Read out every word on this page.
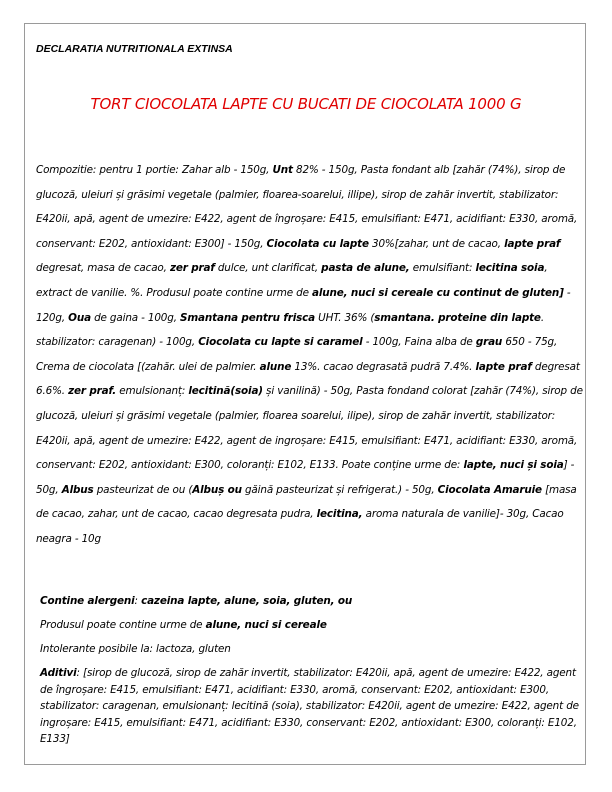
DECLARATIA NUTRITIONALA EXTINSA
TORT CIOCOLATA LAPTE CU BUCATI DE CIOCOLATA 1000 G
Compozitie: pentru 1 portie: Zahar alb - 150g, Unt 82% - 150g, Pasta fondant alb [zahăr (74%), sirop de glucoză, uleiuri și grăsimi vegetale (palmier, floarea-soarelui, illipe), sirop de zahăr invertit, stabilizator: E420ii, apă, agent de umezire: E422, agent de îngroșare: E415, emulsifiant: E471, acidifiant: E330, aromă, conservant: E202, antioxidant: E300] - 150g, Ciocolata cu lapte 30%[zahar, unt de cacao, lapte praf degresat, masa de cacao, zer praf dulce, unt clarificat, pasta de alune, emulsifiant: lecitina soia, extract de vanilie. %. Produsul poate contine urme de alune, nuci si cereale cu continut de gluten] - 120g, Oua de gaina - 100g, Smantana pentru frisca UHT. 36% (smantana. proteine din lapte. stabilizator: caragenan) - 100g, Ciocolata cu lapte si caramel - 100g, Faina alba de grau 650 - 75g, Crema de ciocolata [(zahăr. ulei de palmier. alune 13%. cacao degrasată pudră 7.4%. lapte praf degresat 6.6%. zer praf. emulsionanț: lecitină(soia) și vanilină) - 50g, Pasta fondand colorat [zahăr (74%), sirop de glucoză, uleiuri și grăsimi vegetale (palmier, floarea soarelui, ilipe), sirop de zahăr invertit, stabilizator: E420ii, apă, agent de umezire: E422, agent de ingroșare: E415, emulsifiant: E471, acidifiant: E330, aromă, conservant: E202, antioxidant: E300, coloranți: E102, E133. Poate conține urme de: lapte, nuci și soia] - 50g, Albus pasteurizat de ou (Albuș ou găină pasteurizat și refrigerat.) - 50g, Ciocolata Amaruie [masa de cacao, zahar, unt de cacao, cacao degresata pudra, lecitina, aroma naturala de vanilie]- 30g, Cacao neagra - 10g

Contine alergeni: cazeina lapte, alune, soia, gluten, ou

Produsul poate contine urme de alune, nuci si cereale

Intolerante posibile la: lactoza, gluten

Aditivi: [sirop de glucoză, sirop de zahăr invertit, stabilizator: E420ii, apă, agent de umezire: E422, agent de îngroșare: E415, emulsifiant: E471, acidifiant: E330, aromă, conservant: E202, antioxidant: E300, stabilizator: caragenan, emulsionanț: lecitină (soia), stabilizator: E420ii, agent de umezire: E422, agent de ingroșare: E415, emulsifiant: E471, acidifiant: E330, conservant: E202, antioxidant: E300, coloranți: E102, E133]
